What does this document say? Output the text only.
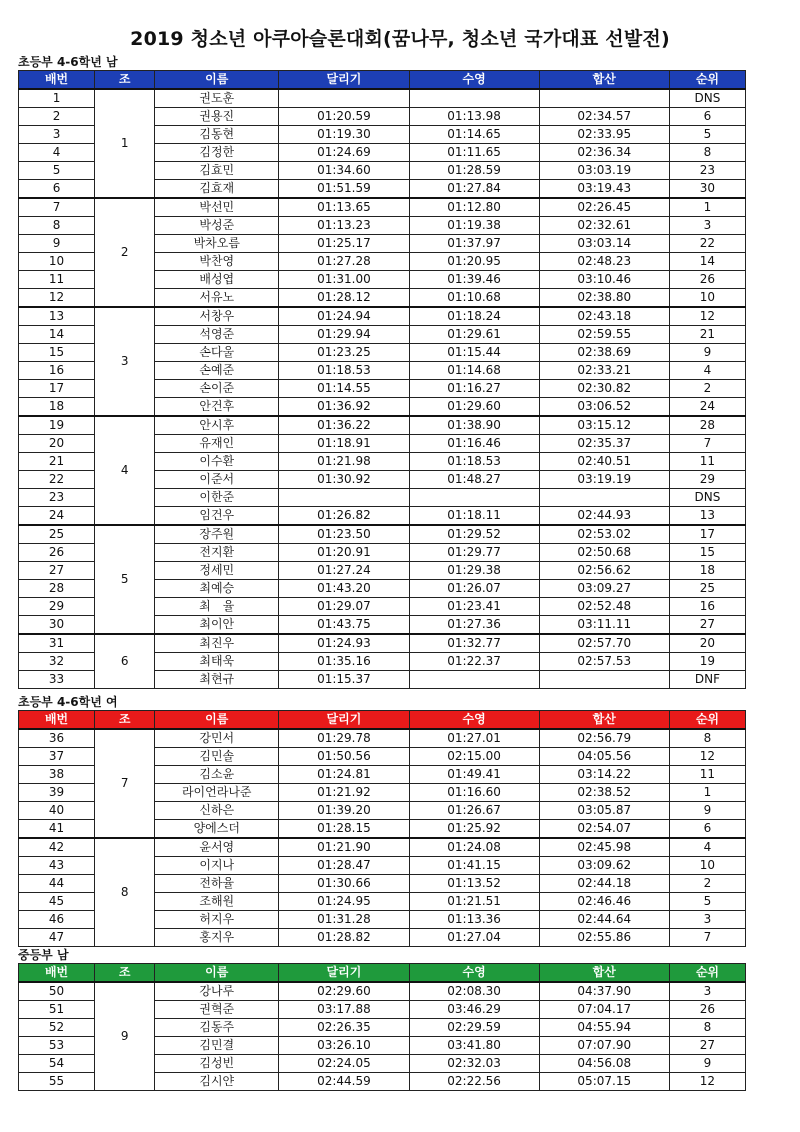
2019 청소년 아쿠아슬론대회(꿈나무, 청소년 국가대표 선발전)
초등부 4-6학년 남
배번	조	이름	달리기	수영	합산	순위
1	1	권도훈				DNS
2		권용진	01:20.59	01:13.98	02:34.57	6
3		김동현	01:19.30	01:14.65	02:33.95	5
4		김정한	01:24.69	01:11.65	02:36.34	8
5		김효민	01:34.60	01:28.59	03:03.19	23
6		김효재	01:51.59	01:27.84	03:19.43	30
7	2	박선민	01:13.65	01:12.80	02:26.45	1
8		박성준	01:13.23	01:19.38	02:32.61	3
9		박차오름	01:25.17	01:37.97	03:03.14	22
10		박찬영	01:27.28	01:20.95	02:48.23	14
11		배성엽	01:31.00	01:39.46	03:10.46	26
12		서유노	01:28.12	01:10.68	02:38.80	10
13	3	서창우	01:24.94	01:18.24	02:43.18	12
14		석영준	01:29.94	01:29.61	02:59.55	21
15		손다울	01:23.25	01:15.44	02:38.69	9
16		손예준	01:18.53	01:14.68	02:33.21	4
17		손이준	01:14.55	01:16.27	02:30.82	2
18		안건후	01:36.92	01:29.60	03:06.52	24
19	4	안시후	01:36.22	01:38.90	03:15.12	28
20		유재인	01:18.91	01:16.46	02:35.37	7
21		이수환	01:21.98	01:18.53	02:40.51	11
22		이준서	01:30.92	01:48.27	03:19.19	29
23		이한준				DNS
24		임건우	01:26.82	01:18.11	02:44.93	13
25	5	장주원	01:23.50	01:29.52	02:53.02	17
26		전지환	01:20.91	01:29.77	02:50.68	15
27		정세민	01:27.24	01:29.38	02:56.62	18
28		최예승	01:43.20	01:26.07	03:09.27	25
29		최　율	01:29.07	01:23.41	02:52.48	16
30		최이안	01:43.75	01:27.36	03:11.11	27
31	6	최진우	01:24.93	01:32.77	02:57.70	20
32		최태욱	01:35.16	01:22.37	02:57.53	19
33		최현규	01:15.37			DNF
초등부 4-6학년 여
배번	조	이름	달리기	수영	합산	순위
36	7	강민서	01:29.78	01:27.01	02:56.79	8
37		김민솔	01:50.56	02:15.00	04:05.56	12
38		김소윤	01:24.81	01:49.41	03:14.22	11
39		라이언라나준	01:21.92	01:16.60	02:38.52	1
40		신하은	01:39.20	01:26.67	03:05.87	9
41		양에스더	01:28.15	01:25.92	02:54.07	6
42	8	윤서영	01:21.90	01:24.08	02:45.98	4
43		이지나	01:28.47	01:41.15	03:09.62	10
44		전하율	01:30.66	01:13.52	02:44.18	2
45		조해원	01:24.95	01:21.51	02:46.46	5
46		허지우	01:31.28	01:13.36	02:44.64	3
47		홍지우	01:28.82	01:27.04	02:55.86	7
중등부 남
배번	조	이름	달리기	수영	합산	순위
50	9	강나루	02:29.60	02:08.30	04:37.90	3
51		권혁준	03:17.88	03:46.29	07:04.17	26
52		김동주	02:26.35	02:29.59	04:55.94	8
53		김민결	03:26.10	03:41.80	07:07.90	27
54		김성빈	02:24.05	02:32.03	04:56.08	9
55		김시얀	02:44.59	02:22.56	05:07.15	12
